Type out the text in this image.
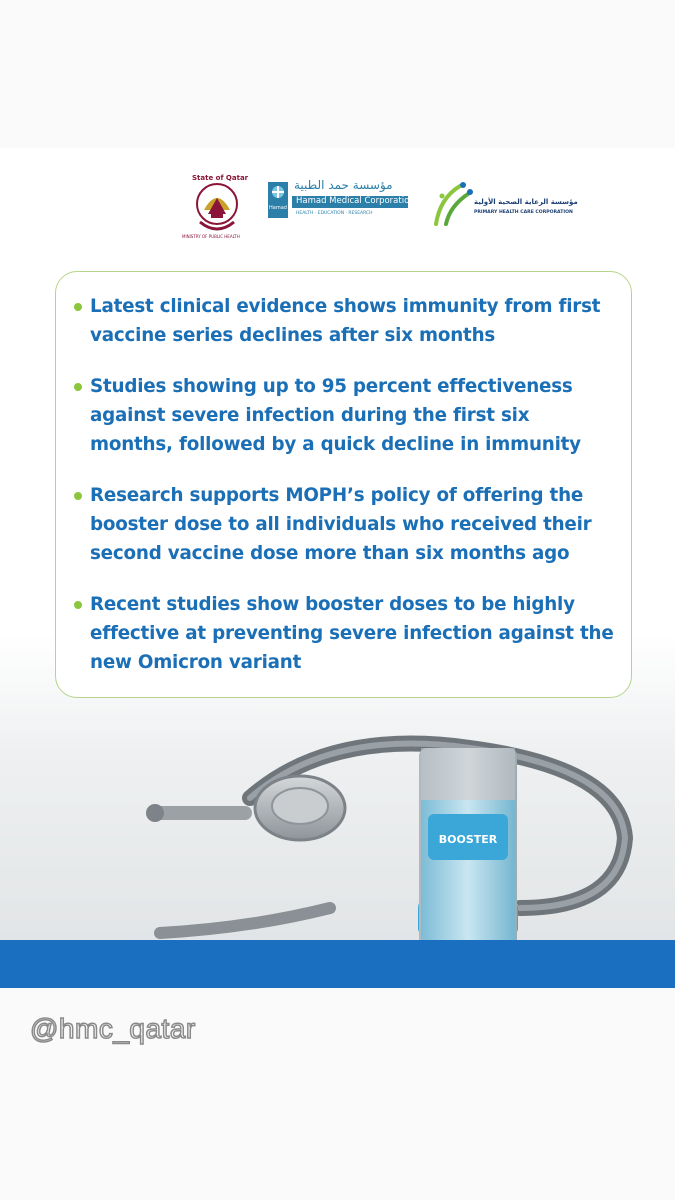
State of Qatar
MINISTRY OF PUBLIC HEALTH
Hamad
مؤسسة حمد الطبية
Hamad Medical Corporation
HEALTH · EDUCATION · RESEARCH
مؤسسة الرعاية الصحية الأولية
PRIMARY HEALTH CARE CORPORATION
Latest clinical evidence shows immunity from first vaccine series declines after six months
Studies showing up to 95 percent effectiveness against severe infection during the first six months, followed by a quick decline in immunity
Research supports MOPH’s policy of offering the booster dose to all individuals who received their second vaccine dose more than six months ago
Recent studies show booster doses to be highly effective at preventing severe infection against the new Omicron variant
BOOSTER
@hmc_qatar
